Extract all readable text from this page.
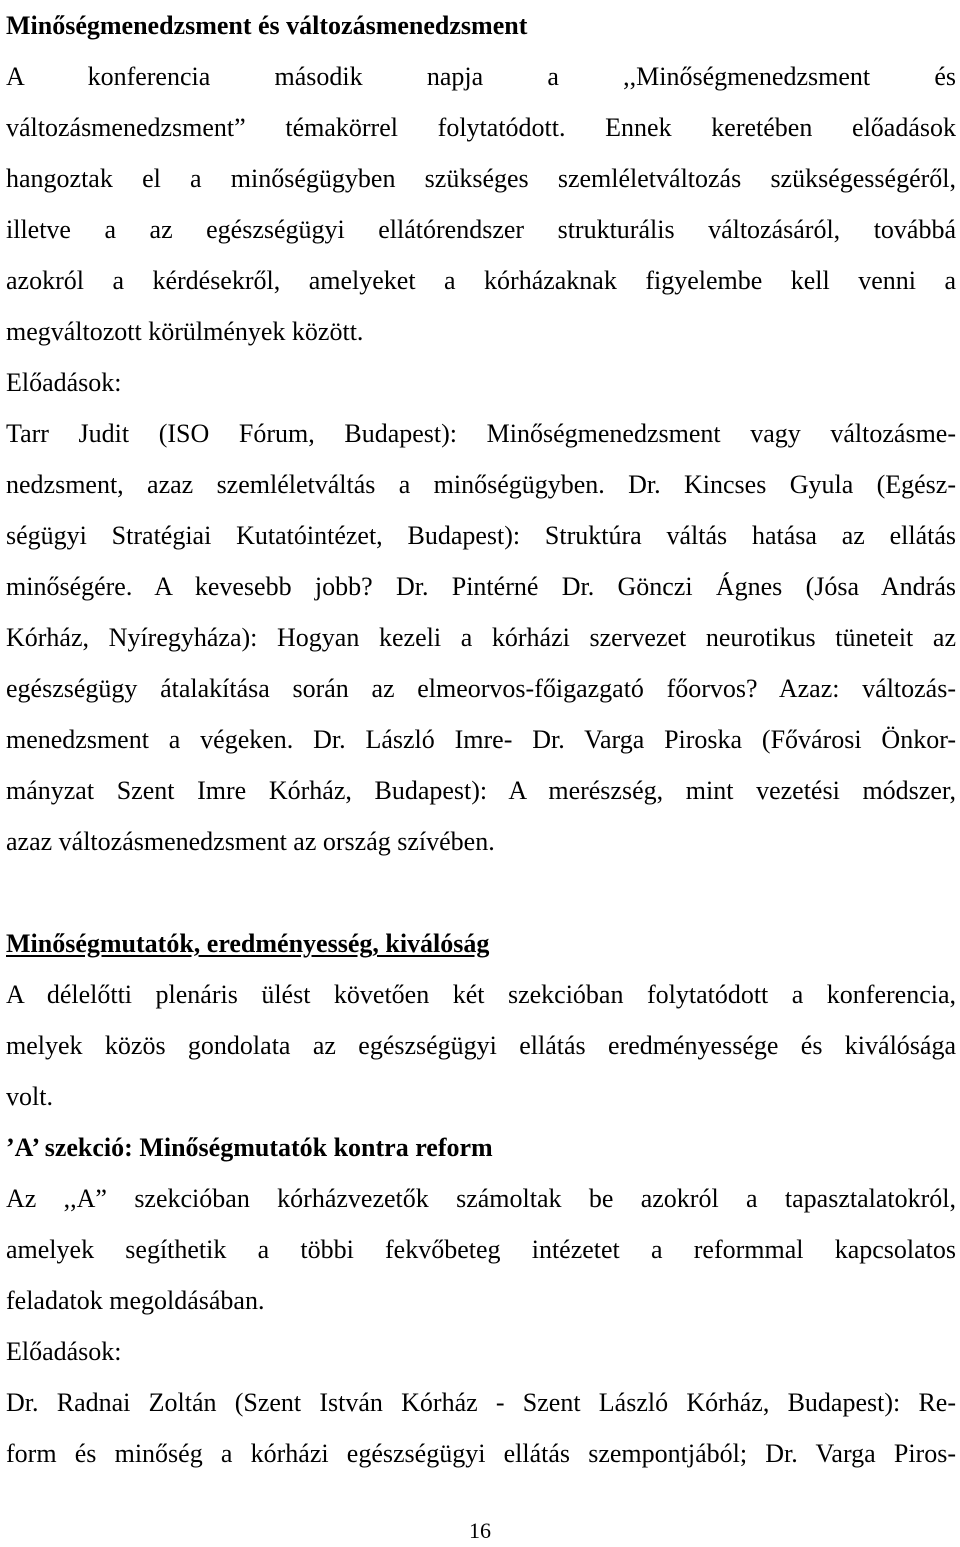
Minőségmenedzsment és változásmenedzsment
A konferencia második napja a ,,Minőségmenedzsment és
változásmenedzsment” témakörrel folytatódott. Ennek keretében előadások
hangoztak el a minőségügyben szükséges szemléletváltozás szükségességéről,
illetve a az egészségügyi ellátórendszer strukturális változásáról, továbbá
azokról a kérdésekről, amelyeket a kórházaknak figyelembe kell venni a
megváltozott körülmények között.
Előadások:
Tarr Judit (ISO Fórum, Budapest): Minőségmenedzsment vagy változásme-
nedzsment, azaz szemléletváltás a minőségügyben. Dr. Kincses Gyula (Egész-
ségügyi Stratégiai Kutatóintézet, Budapest): Struktúra váltás hatása az ellátás
minőségére. A kevesebb jobb? Dr. Pintérné Dr. Gönczi Ágnes (Jósa András
Kórház, Nyíregyháza): Hogyan kezeli a kórházi szervezet neurotikus tüneteit az
egészségügy átalakítása során az elmeorvos-főigazgató főorvos? Azaz: változás-
menedzsment a végeken. Dr. László Imre- Dr. Varga Piroska (Fővárosi Önkor-
mányzat Szent Imre Kórház, Budapest): A merészség, mint vezetési módszer,
azaz változásmenedzsment az ország szívében.
Minőségmutatók, eredményesség, kiválóság
A délelőtti plenáris ülést követően két szekcióban folytatódott a konferencia,
melyek közös gondolata az egészségügyi ellátás eredményessége és kiválósága
volt.
’A’ szekció: Minőségmutatók kontra reform
Az ,,A” szekcióban kórházvezetők számoltak be azokról a tapasztalatokról,
amelyek segíthetik a többi fekvőbeteg intézetet a reformmal kapcsolatos
feladatok megoldásában.
Előadások:
Dr. Radnai Zoltán (Szent István Kórház - Szent László Kórház, Budapest): Re-
form és minőség a kórházi egészségügyi ellátás szempontjából; Dr. Varga Piros-
16
